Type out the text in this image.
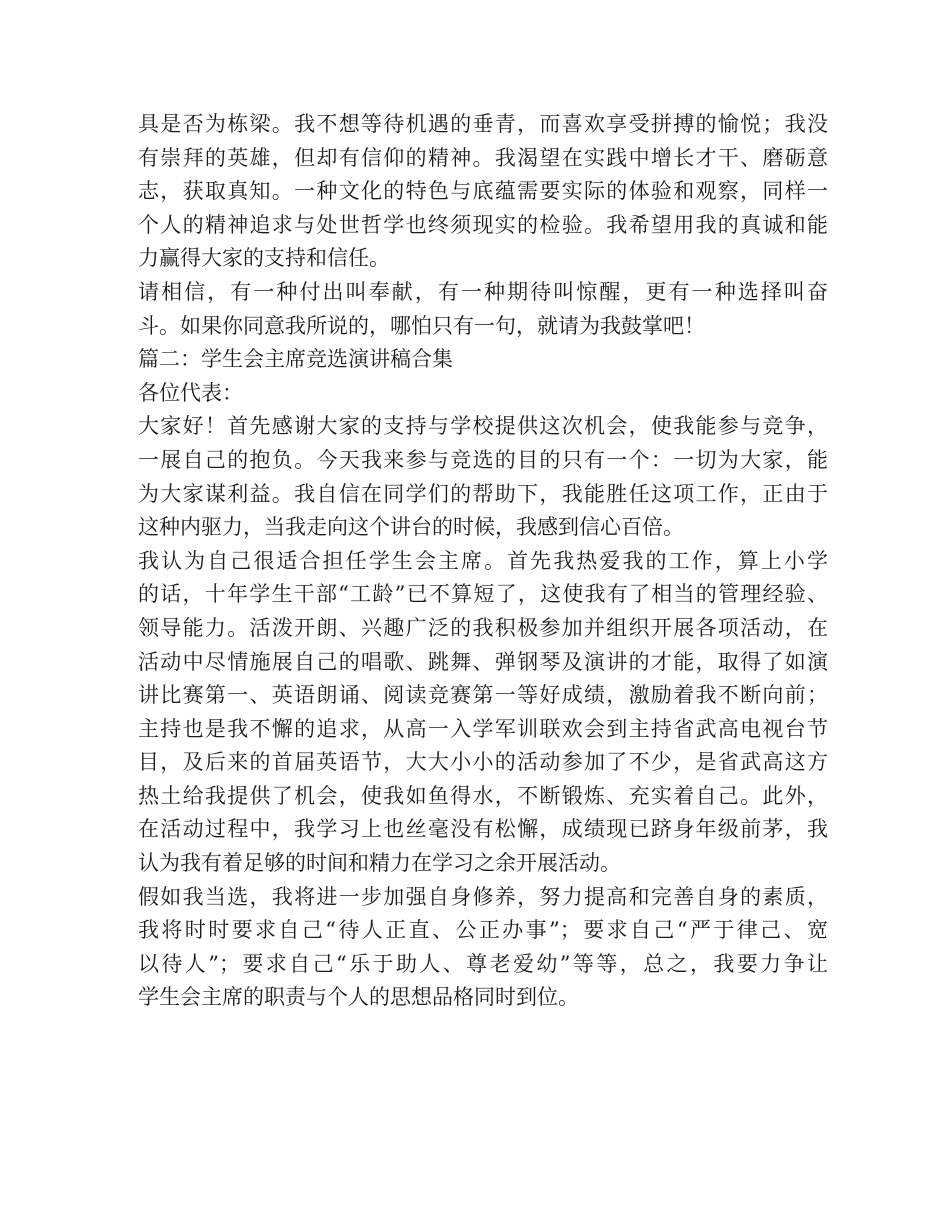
具是否为栋梁。我不想等待机遇的垂青，而喜欢享受拼搏的愉悦；我没
有崇拜的英雄，但却有信仰的精神。我渴望在实践中增长才干、磨砺意
志，获取真知。一种文化的特色与底蕴需要实际的体验和观察，同样一
个人的精神追求与处世哲学也终须现实的检验。我希望用我的真诚和能
力赢得大家的支持和信任。
请相信，有一种付出叫奉献，有一种期待叫惊醒，更有一种选择叫奋
斗。如果你同意我所说的，哪怕只有一句，就请为我鼓掌吧！
篇二：学生会主席竞选演讲稿合集
各位代表：
大家好！首先感谢大家的支持与学校提供这次机会，使我能参与竞争，
一展自己的抱负。今天我来参与竞选的目的只有一个：一切为大家，能
为大家谋利益。我自信在同学们的帮助下，我能胜任这项工作，正由于
这种内驱力，当我走向这个讲台的时候，我感到信心百倍。
我认为自己很适合担任学生会主席。首先我热爱我的工作，算上小学
的话，十年学生干部“工龄”已不算短了，这使我有了相当的管理经验、
领导能力。活泼开朗、兴趣广泛的我积极参加并组织开展各项活动，在
活动中尽情施展自己的唱歌、跳舞、弹钢琴及演讲的才能，取得了如演
讲比赛第一、英语朗诵、阅读竞赛第一等好成绩，激励着我不断向前；
主持也是我不懈的追求，从高一入学军训联欢会到主持省武高电视台节
目，及后来的首届英语节，大大小小的活动参加了不少，是省武高这方
热土给我提供了机会，使我如鱼得水，不断锻炼、充实着自己。此外，
在活动过程中，我学习上也丝毫没有松懈，成绩现已跻身年级前茅，我
认为我有着足够的时间和精力在学习之余开展活动。
假如我当选，我将进一步加强自身修养，努力提高和完善自身的素质，
我将时时要求自己“待人正直、公正办事”；要求自己“严于律己、宽
以待人”；要求自己“乐于助人、尊老爱幼”等等，总之，我要力争让
学生会主席的职责与个人的思想品格同时到位。
